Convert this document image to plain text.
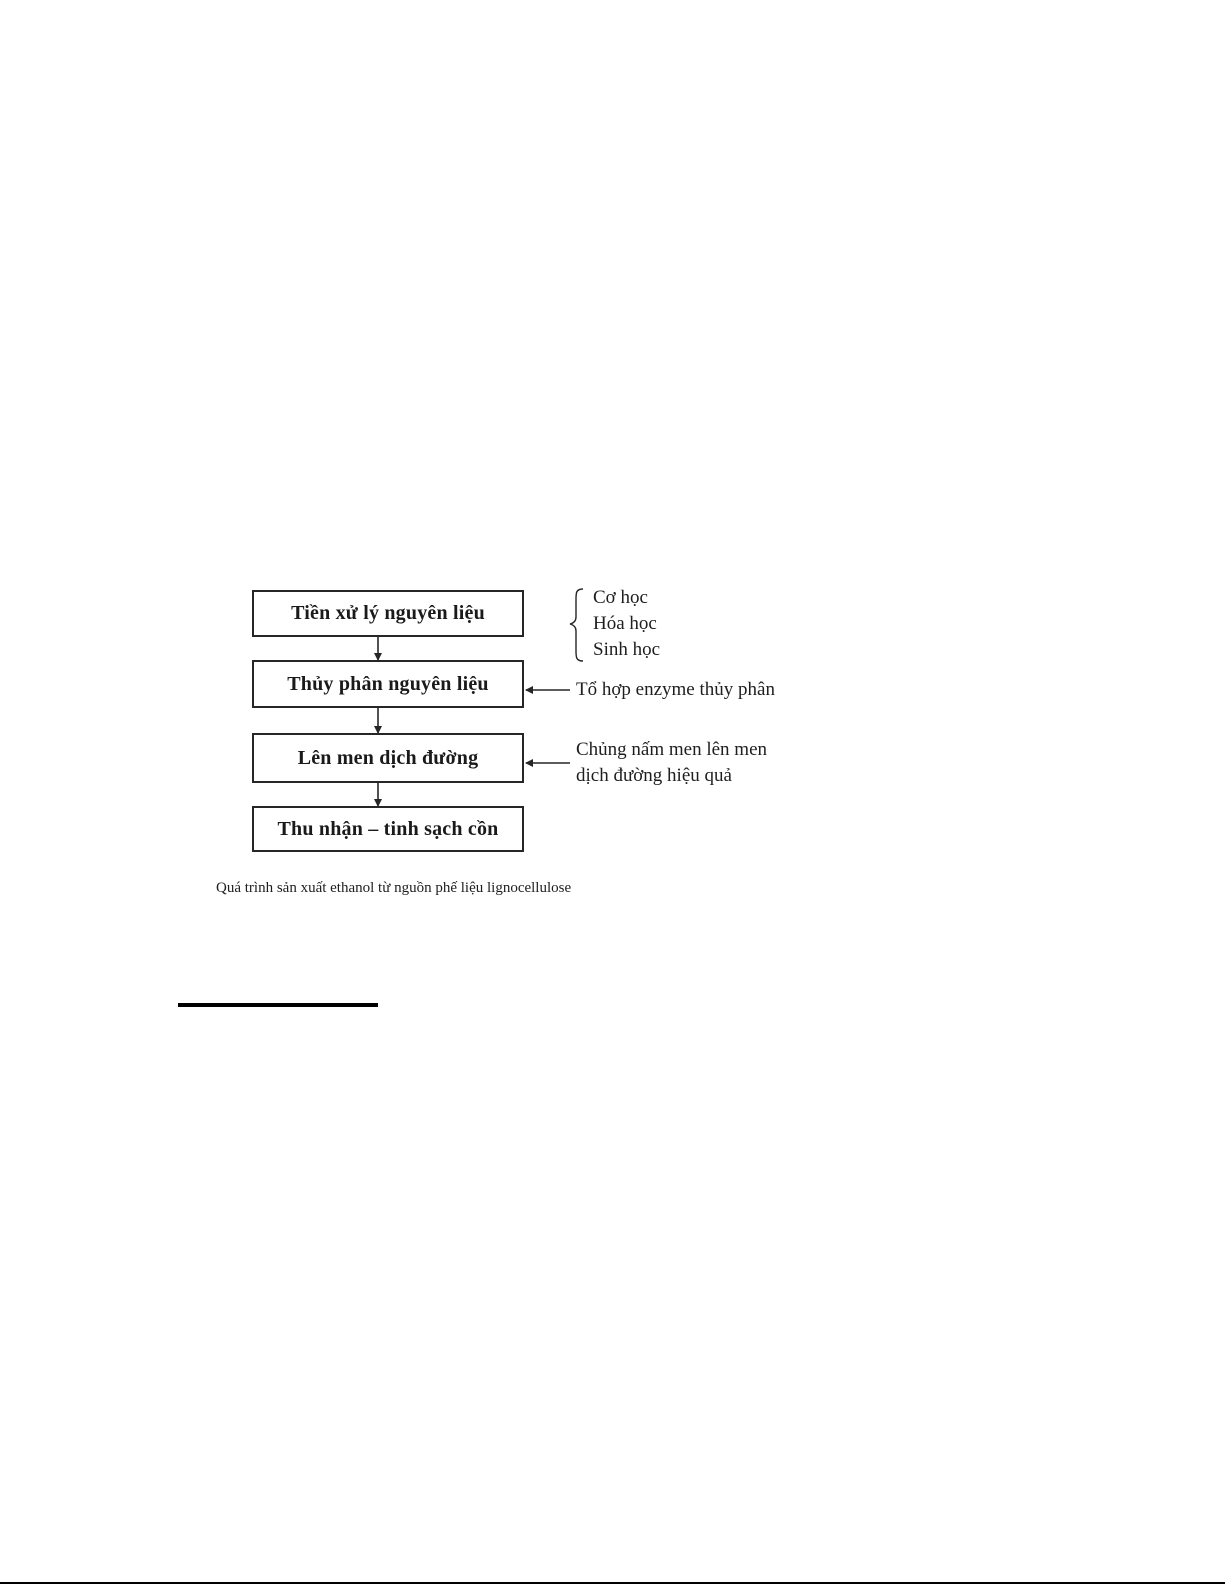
Tiền xử lý nguyên liệu
Thủy phân nguyên liệu
Lên men dịch đường
Thu nhận – tinh sạch cồn
Cơ học
Hóa học
Sinh học
Tổ hợp enzyme thủy phân
Chủng nấm men lên men
dịch đường hiệu quả
Quá trình sản xuất ethanol từ nguồn phế liệu lignocellulose
